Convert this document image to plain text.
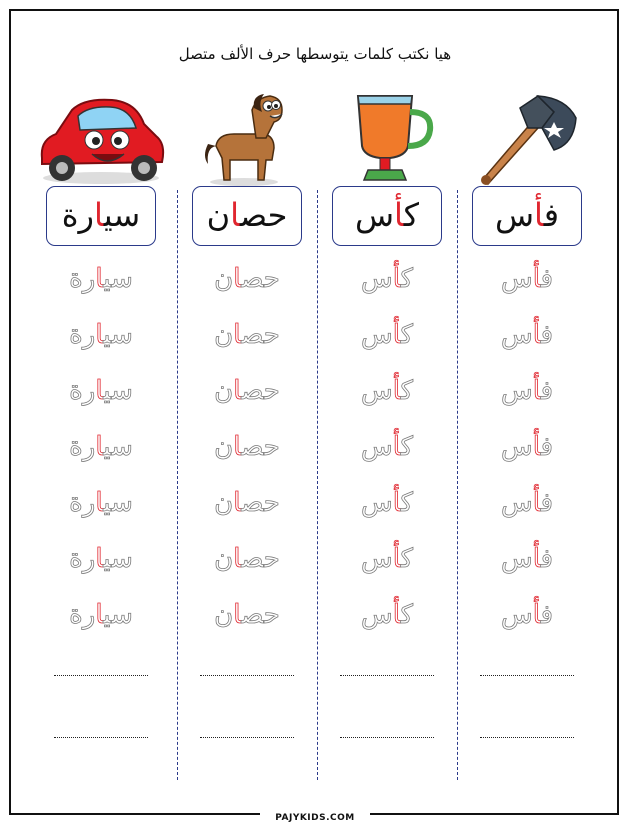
هيا نكتب كلمات يتوسطها حرف الألف متصل
سيارة
سيارة
سيارة
سيارة
سيارة
سيارة
سيارة
سيارة
حصان
حصان
حصان
حصان
حصان
حصان
حصان
حصان
كأس
كأس
كأس
كأس
كأس
كأس
كأس
كأس
فأس
فأس
فأس
فأس
فأس
فأس
فأس
فأس
PAJYKIDS.COM
